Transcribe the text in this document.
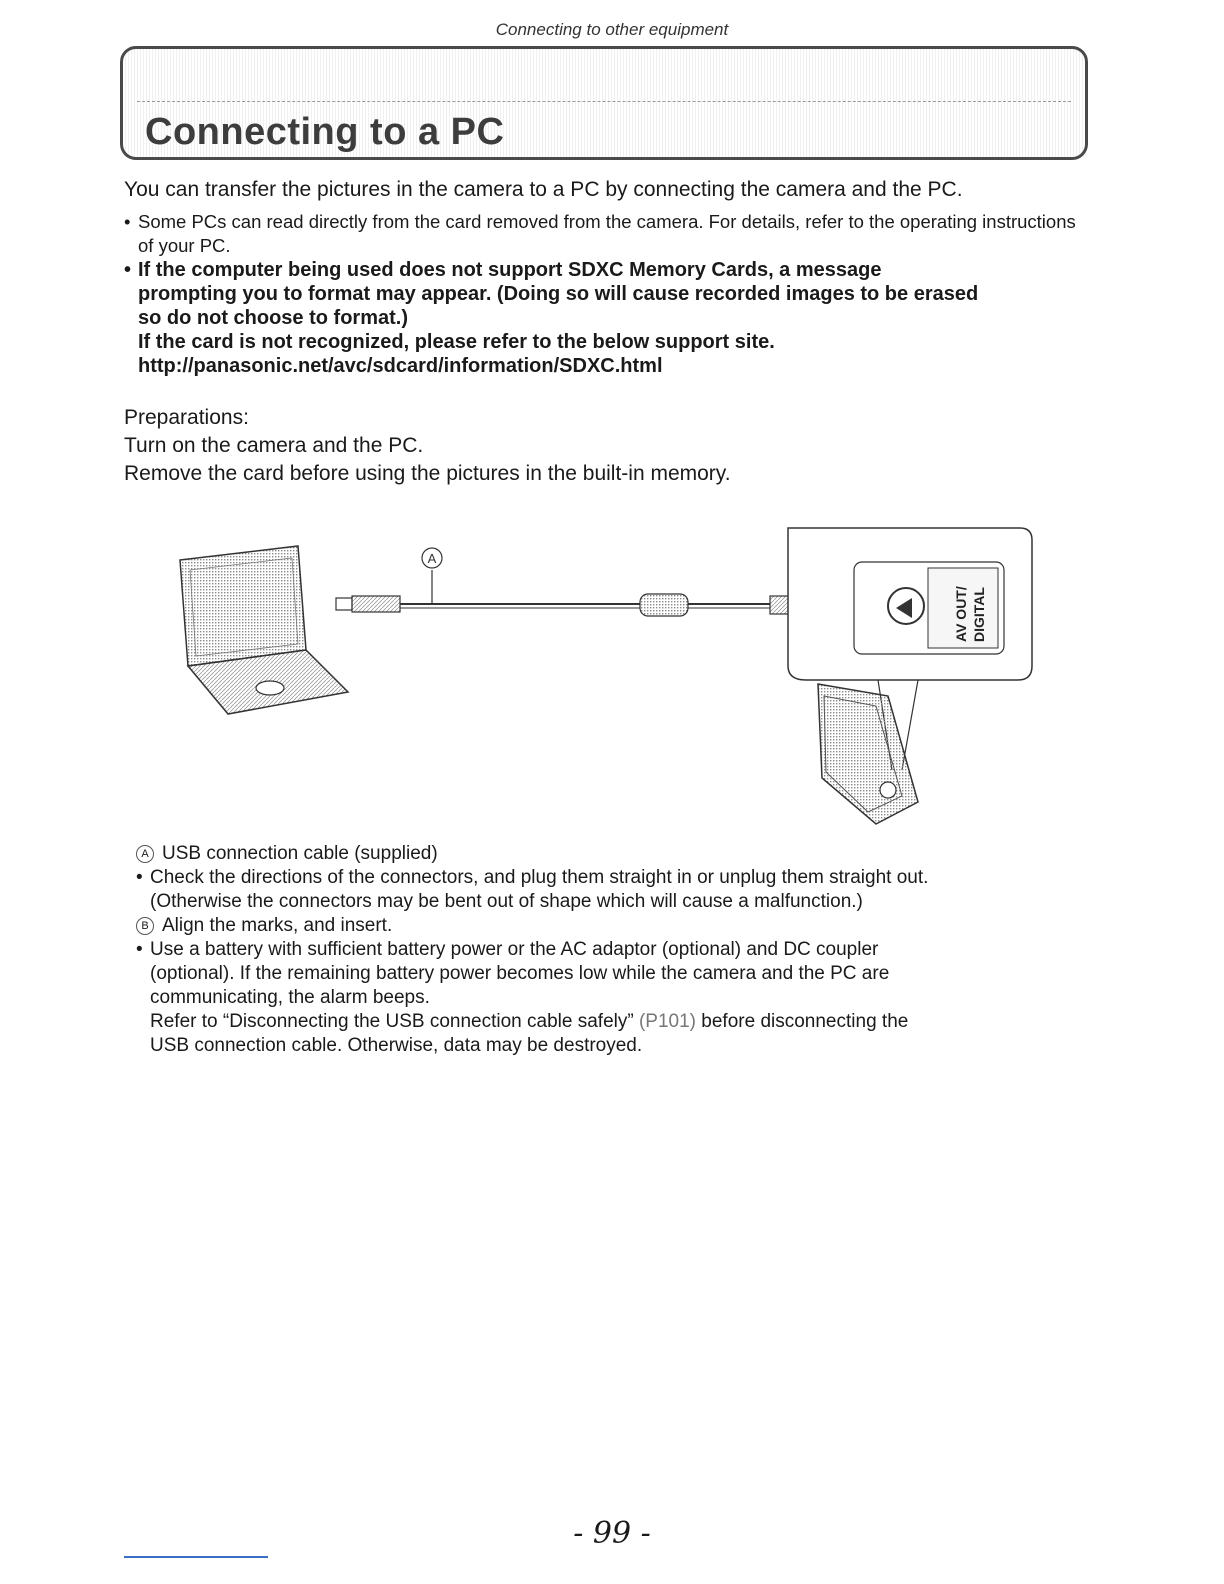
Connecting to other equipment
Connecting to a PC

You can transfer the pictures in the camera to a PC by connecting the camera and the PC.

• Some PCs can read directly from the card removed from the camera. For details, refer to the operating instructions of your PC.

• If the computer being used does not support SDXC Memory Cards, a message

prompting you to format may appear. (Doing so will cause recorded images to be erased

so do not choose to format.)

If the card is not recognized, please refer to the below support site.

http://panasonic.net/avc/sdcard/information/SDXC.html

Preparations:
Turn on the camera and the PC.
Remove the card before using the pictures in the built-in memory.
A
AV OUT/ DIGITAL

A USB connection cable (supplied)

• Check the directions of the connectors, and plug them straight in or unplug them straight out.

(Otherwise the connectors may be bent out of shape which will cause a malfunction.)

B Align the marks, and insert.

• Use a battery with sufficient battery power or the AC adaptor (optional) and DC coupler

(optional). If the remaining battery power becomes low while the camera and the PC are

communicating, the alarm beeps.

Refer to “Disconnecting the USB connection cable safely” (P101) before disconnecting the

USB connection cable. Otherwise, data may be destroyed.

- 99 -
